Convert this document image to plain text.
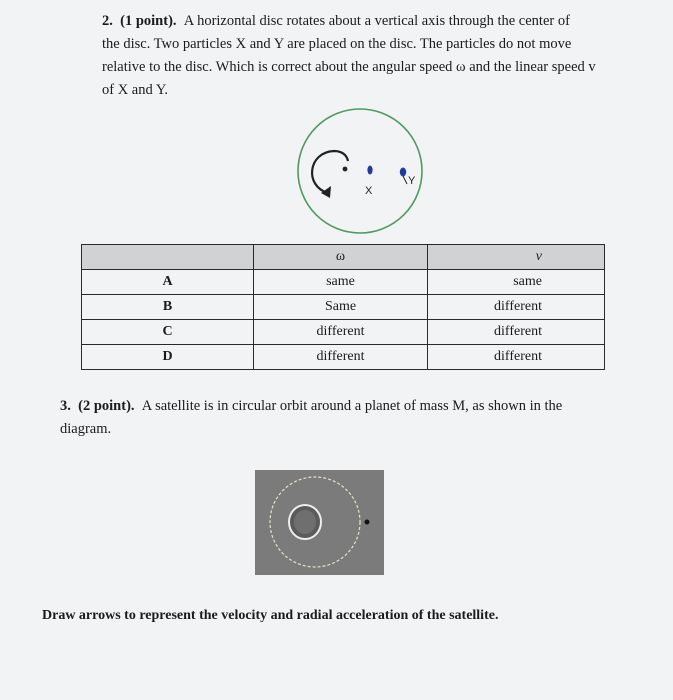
2. (1 point). A horizontal disc rotates about a vertical axis through the center of
the disc. Two particles X and Y are placed on the disc. The particles do not move
relative to the disc. Which is correct about the angular speed ω and the linear speed v
of X and Y.
X
Y
	ω	v
A	same	same
B	Same	different
C	different	different
D	different	different
3. (2 point). A satellite is in circular orbit around a planet of mass M, as shown in the
diagram.
Draw arrows to represent the velocity and radial acceleration of the satellite.
